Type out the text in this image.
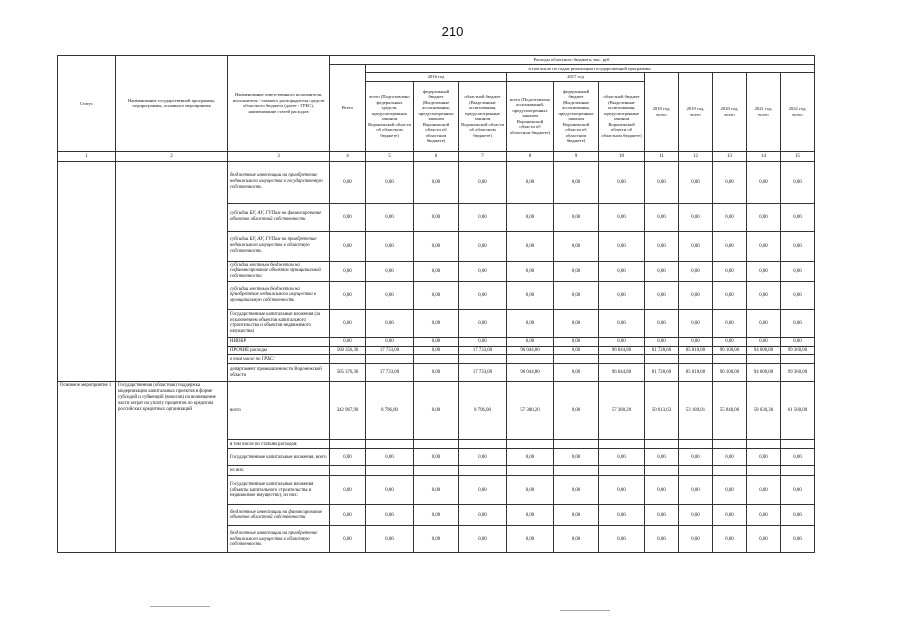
210
Статус	Наименование государственной программы, подпрограммы, основного мероприятия	Наименование ответственного исполнителя, исполнителя - главного распорядителя средств областного бюджета (далее - ГРБС), наименование статей расходов	Расходы областного бюджета, тыс. руб.											
			Всего	в том числе по годам реализации государственной программы:										
				2016 год			2017 год			2018 год, всего	2019 год, всего	2020 год, всего	2021 год, всего	2022 год, всего
				всего (Подготовлено федеральных средств, предусмотренных законом Воронежской области об областном бюджете)	федеральный бюджет (Выделенные ассигнования, предусмотренные законом Воронежской области об областном бюджете)	областной бюджет (Выделенные ассигнования, предусмотренные законом Воронежской области об областном бюджете)	всего (Подготовлено ассигнований, предусмотренных законом Воронежской области об областном бюджете)	федеральный бюджет (Выделенные ассигнования, предусмотренные законом Воронежской области об областном бюджете)	областной бюджет (Выделенные ассигнования, предусмотренные законом Воронежской области об областном бюджете)					
1	2	3	4	5	6	7	8	9	10	11	12	13	14	15
		бюджетные инвестиции на приобретение недвижимого имущества в государственную собственность	0,00	0,00	0,00	0,00	0,00	0,00	0,00	0,00	0,00	0,00	0,00	0,00
		субсидии БУ, АУ, ГУПам на финансирование объектов областной собственности	0,00	0,00	0,00	0,00	0,00	0,00	0,00	0,00	0,00	0,00	0,00	0,00
		субсидии БУ, АУ, ГУПам на приобретение недвижимого имущества в областную собственность	0,00	0,00	0,00	0,00	0,00	0,00	0,00	0,00	0,00	0,00	0,00	0,00
		субсидии местным бюджетам на софинансирование объектов муниципальной собственности	0,00	0,00	0,00	0,00	0,00	0,00	0,00	0,00	0,00	0,00	0,00	0,00
		субсидии местным бюджетам на приобретение недвижимого имущества в муниципальную собственность	0,00	0,00	0,00	0,00	0,00	0,00	0,00	0,00	0,00	0,00	0,00	0,00
		Государственные капитальные вложения (за исключением объектов капитального строительства и объектов недвижимого имущества)	0,00	0,00	0,00	0,00	0,00	0,00	0,00	0,00	0,00	0,00	0,00	0,00
		НИОКР	0,00	0,00	0,00	0,00	0,00	0,00	0,00	0,00	0,00	0,00	0,00	0,00
		ПРОЧИЕ расходы	560 356,30	17 733,00	0,00	17 733,00	96 044,80	0,00	96 044,80	81 728,60	85 810,00	90 100,00	94 600,00	99 360,00
		в том числе по ГРБС:												
		департамент промышленности Воронежской области	565 376,30	17 733,00	0,00	17 733,00	96 044,80	0,00	96 044,80	81 728,60	85 810,00	90 100,00	94 600,00	99 360,00
Основное мероприятие 1	Государственная (областная) поддержка модернизации капитальных проектов в форме субсидий и субвенций (взносов) на возмещение части затрат на уплату процентов по кредитам российских кредитных организаций	всего	342 967,90	8 796,00	0,00	8 796,00	57 380,20	0,00	57 380,20	50 613,63	53 180,01	55 840,00	58 630,30	61 560,00
		в том числе по статьям расходов:												
		Государственные капитальные вложения, всего	0,00	0,00	0,00	0,00	0,00	0,00	0,00	0,00	0,00	0,00	0,00	0,00
		из них:												
		Государственные капитальные вложения (объекты капитального строительства и недвижимое имущество), из них:	0,00	0,00	0,00	0,00	0,00	0,00	0,00	0,00	0,00	0,00	0,00	0,00
		бюджетные инвестиции на финансирование объектов областной собственности	0,00	0,00	0,00	0,00	0,00	0,00	0,00	0,00	0,00	0,00	0,00	0,00
		бюджетные инвестиции на приобретение недвижимого имущества в областную собственность	0,00	0,00	0,00	0,00	0,00	0,00	0,00	0,00	0,00	0,00	0,00	0,00
